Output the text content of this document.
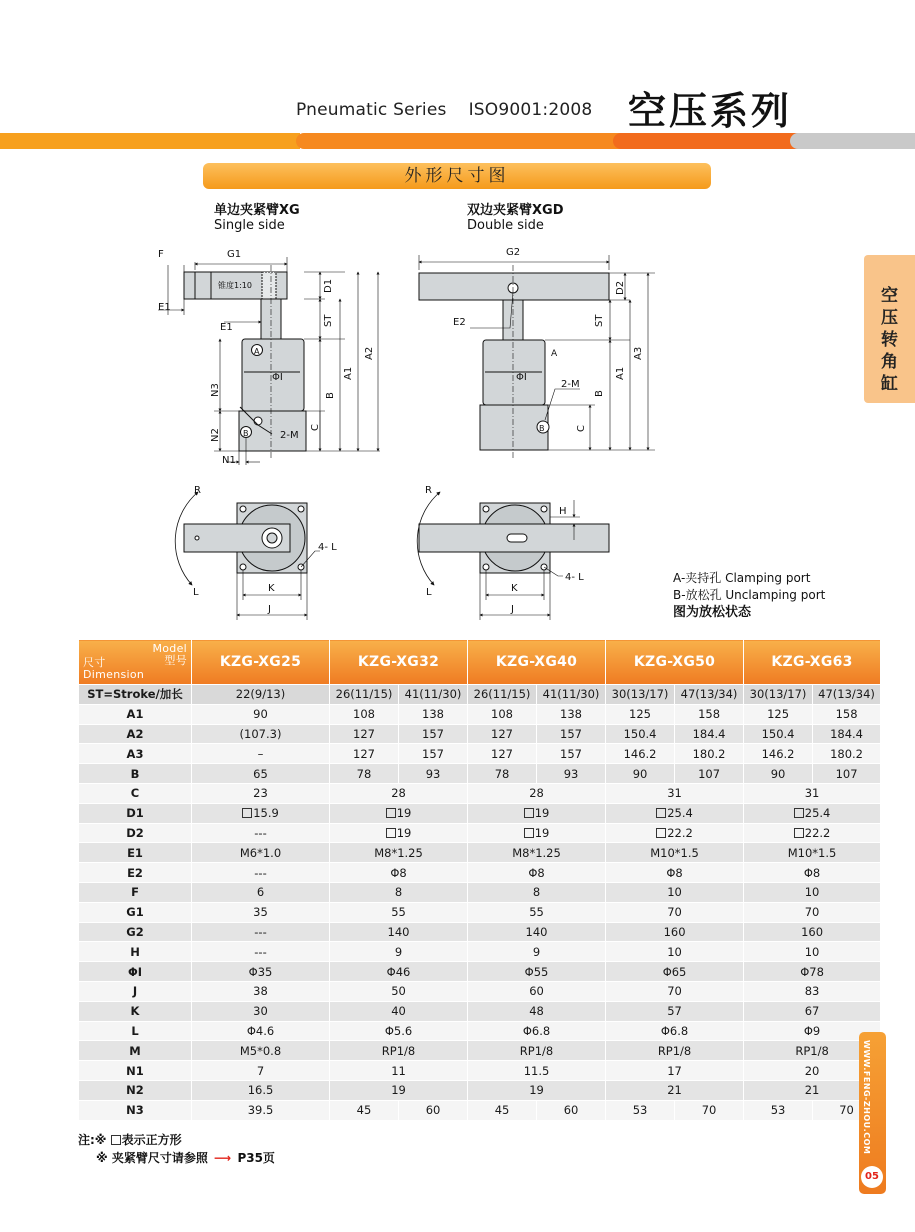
Pneumatic Series ISO9001:2008 空压系列
外形尺寸图
空压转角缸
单边夹紧臂XG
Single side
双边夹紧臂XGD
Double side
F	G1
锥度1:10
E1
E1
D1
ST
A1
A2
B
C
N3
N2
N1
ΦI
2-M
A
B
G2
E2
D2
ST
A1
A3
B
C
ΦI
2-M
A
B
R
L
4- L
K
J
R
L
4- L
K
J
H
A-夹持孔 Clamping port
B-放松孔 Unclamping port
图为放松状态
Model
型号
尺寸
Dimension	KZG-XG25	KZG-XG32		KZG-XG40		KZG-XG50		KZG-XG63	
ST=Stroke/加长	22(9/13)	26(11/15)	41(11/30)	26(11/15)	41(11/30)	30(13/17)	47(13/34)	30(13/17)	47(13/34)
A1	90	108	138	108	138	125	158	125	158
A2	(107.3)	127	157	127	157	150.4	184.4	150.4	184.4
A3	–	127	157	127	157	146.2	180.2	146.2	180.2
B	65	78	93	78	93	90	107	90	107
C	23	28		28		31		31	
D1	15.9	19		19		25.4		25.4	
D2	---	19		19		22.2		22.2	
E1	M6*1.0	M8*1.25		M8*1.25		M10*1.5		M10*1.5	
E2	---	Φ8		Φ8		Φ8		Φ8	
F	6	8		8		10		10	
G1	35	55		55		70		70	
G2	---	140		140		160		160	
H	---	9		9		10		10	
ΦI	Φ35	Φ46		Φ55		Φ65		Φ78	
J	38	50		60		70		83	
K	30	40		48		57		67	
L	Φ4.6	Φ5.6		Φ6.8		Φ6.8		Φ9	
M	M5*0.8	RP1/8		RP1/8		RP1/8		RP1/8	
N1	7	11		11.5		17		20	
N2	16.5	19		19		21		21	
N3	39.5	45	60	45	60	53	70	53	70
注:※ 表示正方形
※ 夹紧臂尺寸请参照 ⟶ P35页
WWW.FENG-ZHOU.COM
05
